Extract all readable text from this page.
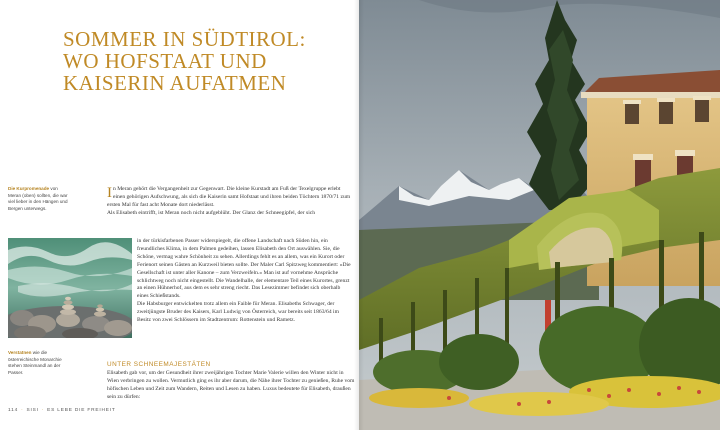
SOMMER IN SÜDTIROL:
WO HOFSTAAT UND
KAISERIN AUFATMEN
Die Kurpromenade von Meran (oben) sollten, die war viel lieber in den Hängen und Bergen unterwegs.
Verstatnen wie die österreichische Monarchie stehen Steinmandl an der Passer.

In Meran gehört die Vergangenheit zur Gegenwart. Die kleine Kurstadt am Fuß der Texelgruppe erlebt einen gehörigen Aufschwung, als sich die Kaiserin samt Hofstaat und ihren beiden Töchtern 1870/71 zum ersten Mal für fast acht Monate dort niederlässt.

Als Elisabeth eintrifft, ist Meran noch nicht aufgeblüht. Der Glanz der Schneegipfel, der sich

in der türkisfarbenen Passer widerspiegelt, die offene Landschaft nach Süden hin, ein freundliches Klima, in dem Palmen gedeihen, lassen Elisabeth den Ort auswählen. Sie, die Schöne, vermag wahre Schönheit zu sehen. Allerdings fehlt es an allem, was ein Kurort oder Ferienort seinen Gästen an Kurzweil bieten sollte. Der Maler Carl Spitzweg kommentiert: »Die Gesellschaft ist unter aller Kanone – zum Verzweifeln.« Man ist auf vornehme Ansprüche schlichtweg noch nicht eingestellt. Die Wandelhalle, der elementare Teil eines Kurortes, grenzt an einen Hühnerhof, aus dem es sehr streng riecht. Das Lesezimmer befindet sich oberhalb eines Schießstands.

Die Habsburger entwickelten trotz allem ein Faible für Meran. Elisabeths Schwager, der zweitjüngste Bruder des Kaisers, Karl Ludwig von Österreich, war bereits seit 1863/64 im Besitz von zwei Schlössern im Stadtzentrum: Rottenstein und Rametz.

UNTER SCHNEEMAJESTÄTEN

Elisabeth gab vor, um der Gesundheit ihrer zweijährigen Tochter Marie Valerie willen den Winter nicht in Wien verbringen zu wollen. Vermutlich ging es ihr aber darum, die Nähe ihrer Tochter zu genießen, Ruhe vom höfischen Leben und Zeit zum Wandern, Reiten und Lesen zu haben. Luxus bedeutete für Elisabeth, draußen sein zu dürfen:

114 · SISI · ES LEBE DIE FREIHEIT
